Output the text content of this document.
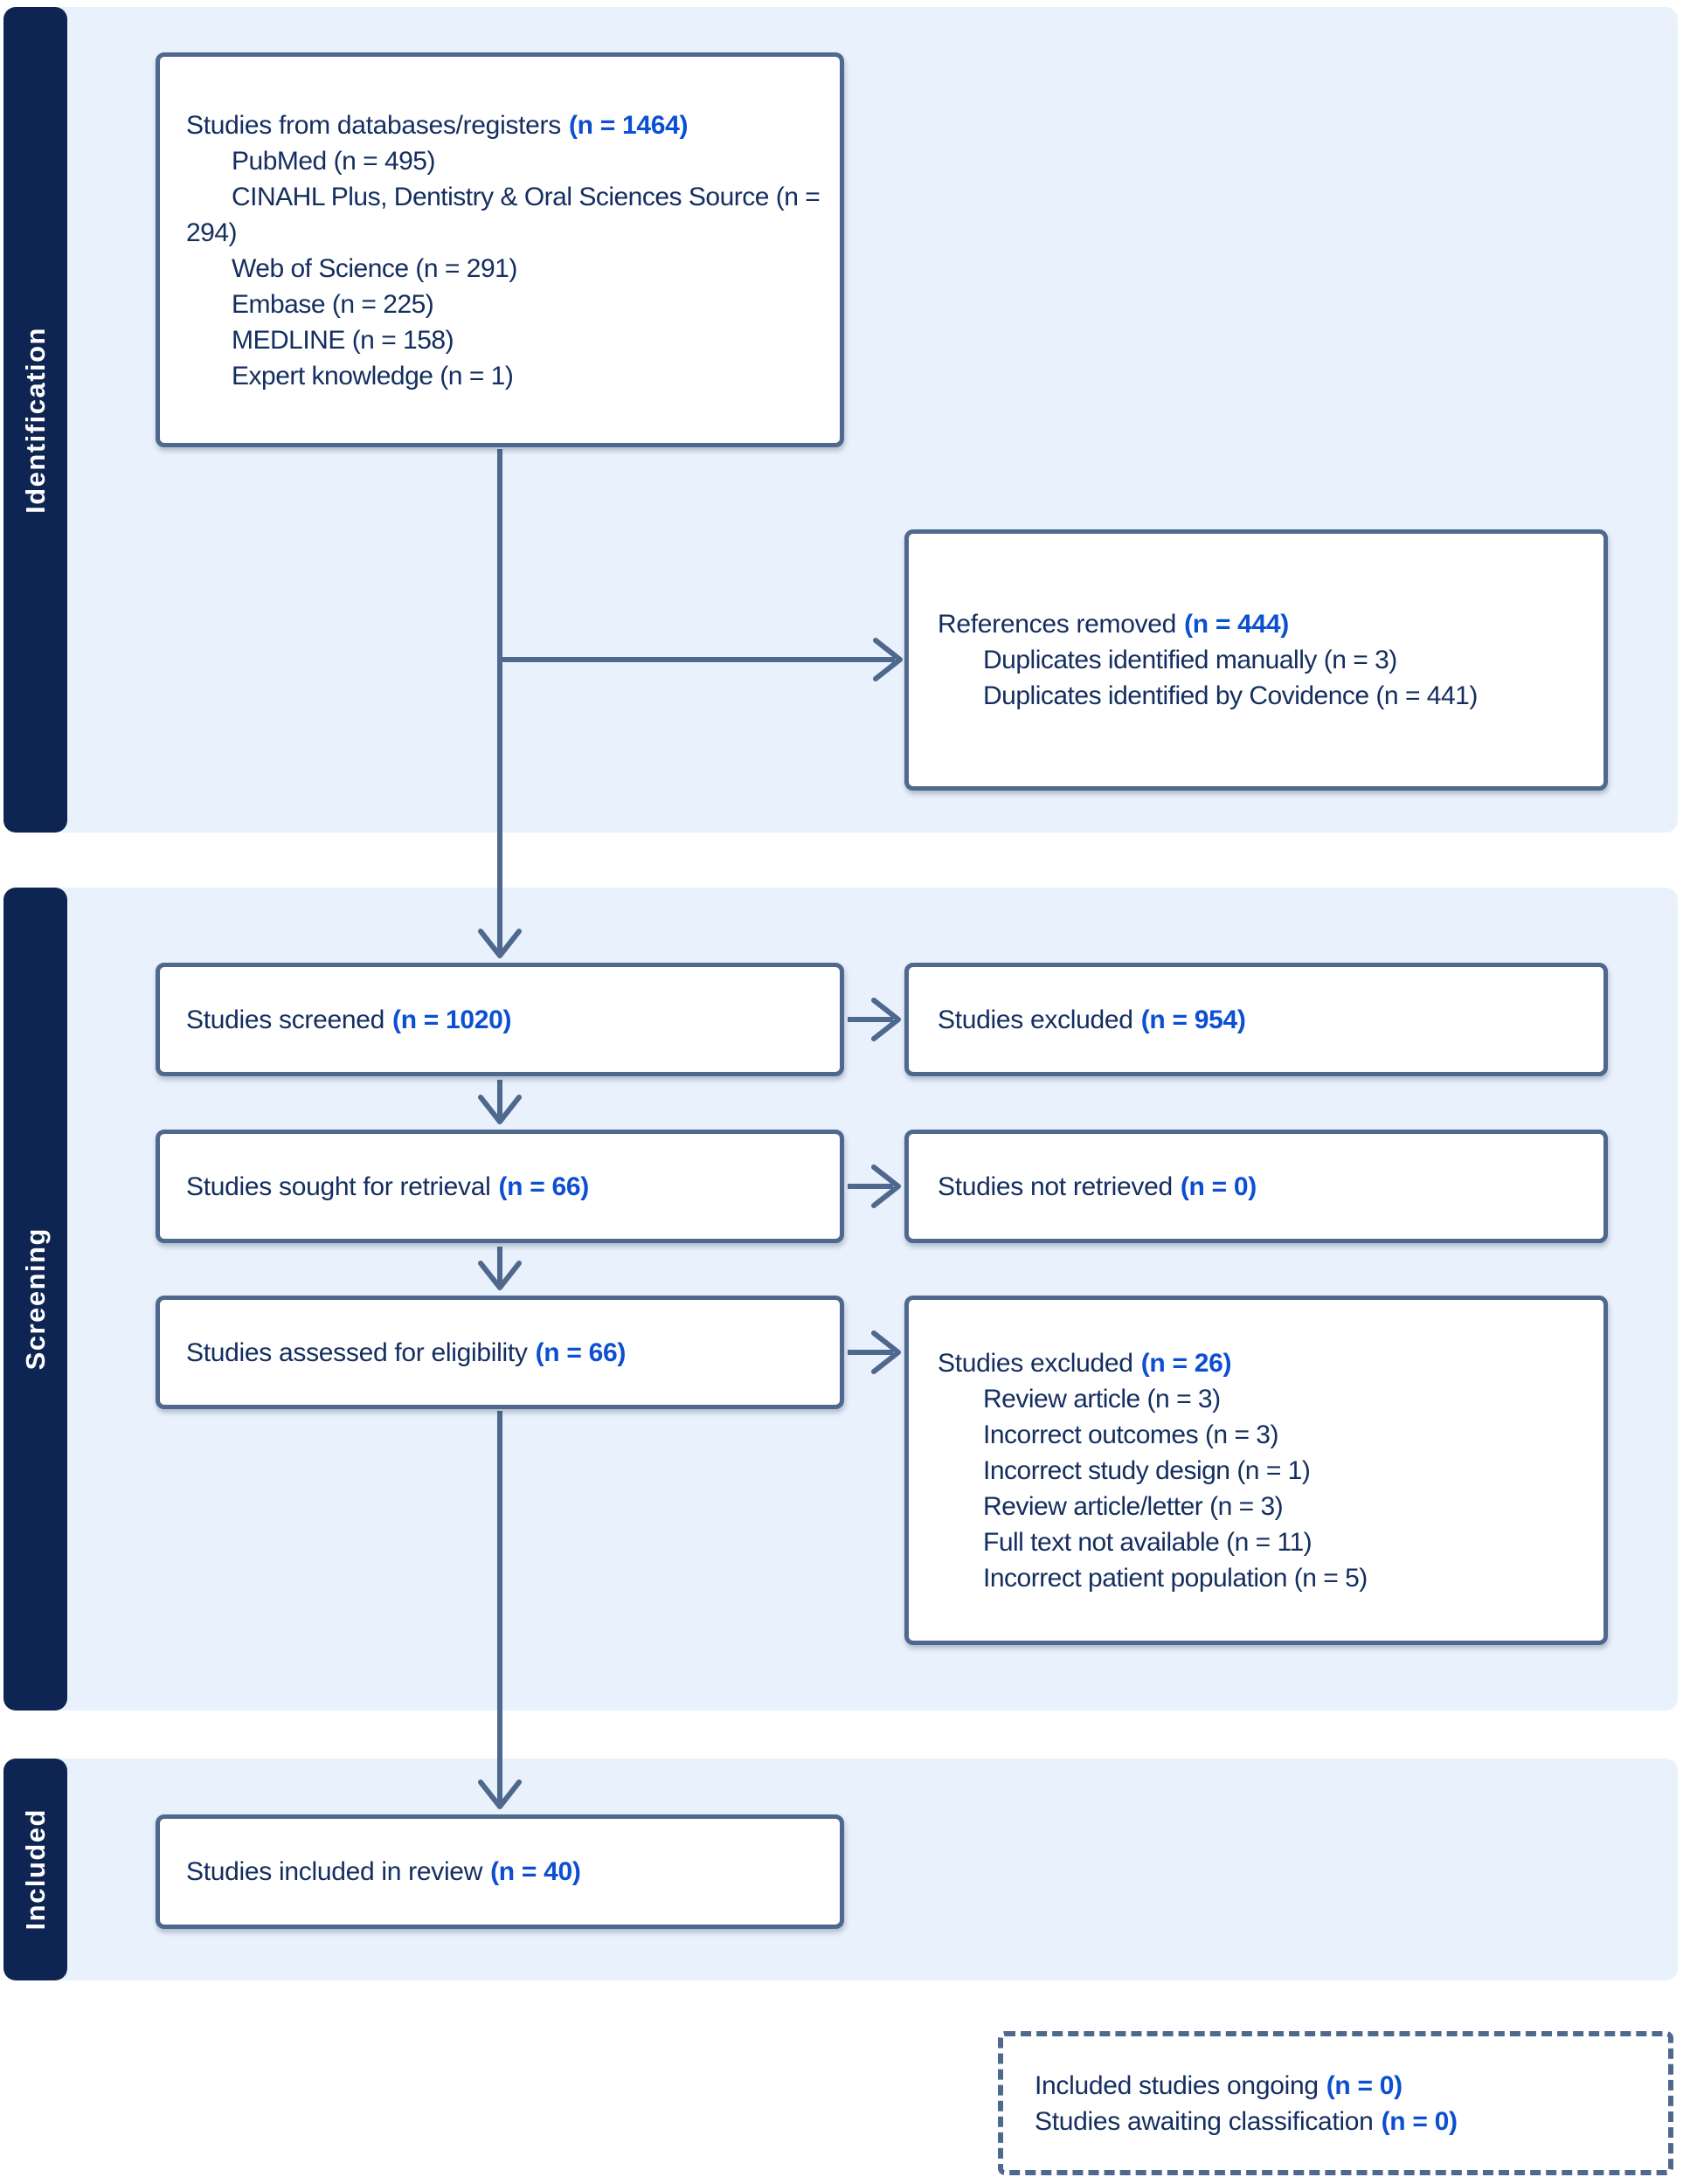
Identification
Screening
Included
Studies from databases/registers (n = 1464)
PubMed (n = 495)
CINAHL Plus, Dentistry & Oral Sciences Source (n = 294)
Web of Science (n = 291)
Embase (n = 225)
MEDLINE (n = 158)
Expert knowledge (n = 1)
References removed (n = 444)
Duplicates identified manually (n = 3)
Duplicates identified by Covidence (n = 441)
Studies screened (n = 1020)	Studies excluded (n = 954)
Studies sought for retrieval (n = 66)	Studies not retrieved (n = 0)
Studies assessed for eligibility (n = 66)	Studies excluded (n = 26)
Review article (n = 3)
Incorrect outcomes (n = 3)
Incorrect study design (n = 1)
Review article/letter (n = 3)
Full text not available (n = 11)
Incorrect patient population (n = 5)
Studies included in review (n = 40)
Included studies ongoing (n = 0)
Studies awaiting classification (n = 0)
